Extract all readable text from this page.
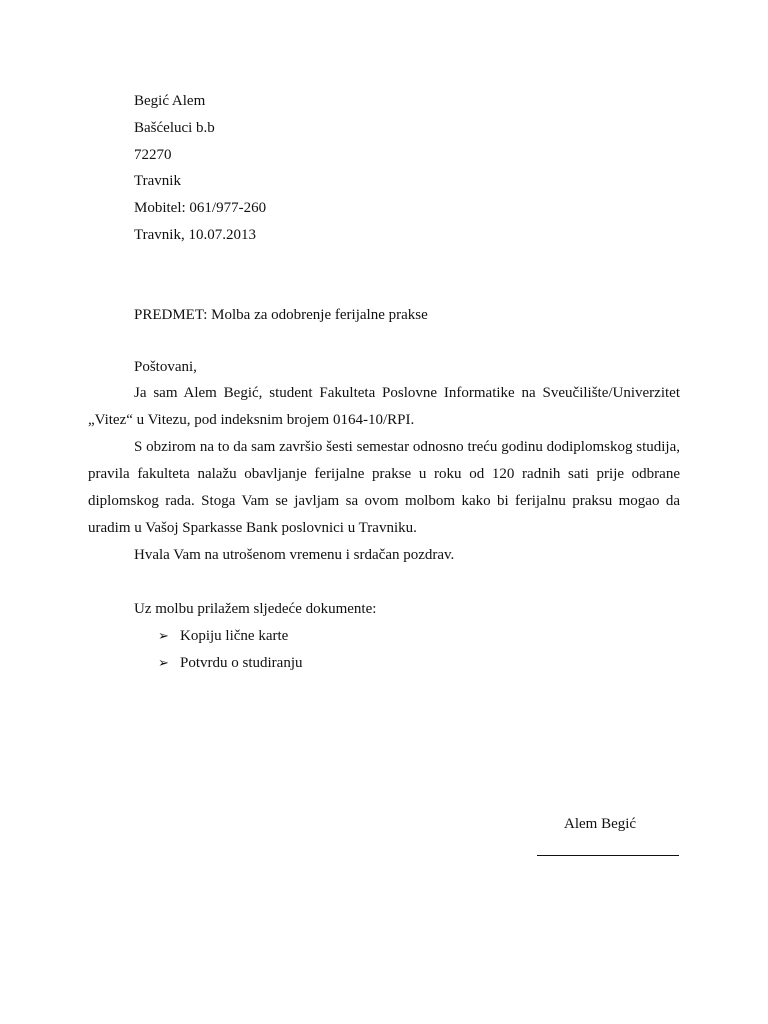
Begić Alem
Bašćeluci b.b
72270
Travnik
Mobitel: 061/977-260
Travnik, 10.07.2013
PREDMET: Molba za odobrenje ferijalne prakse
Poštovani,

Ja sam Alem Begić, student Fakulteta Poslovne Informatike na Sveučilište/Univerzitet „Vitez“ u Vitezu, pod indeksnim brojem 0164-10/RPI.

S obzirom na to da sam završio šesti semestar odnosno treću godinu dodiplomskog studija, pravila fakulteta nalažu obavljanje ferijalne prakse u roku od 120 radnih sati prije odbrane diplomskog rada. Stoga Vam se javljam sa ovom molbom kako bi ferijalnu praksu mogao da uradim u Vašoj Sparkasse Bank poslovnici u Travniku.

Hvala Vam na utrošenom vremenu i srdačan pozdrav.

Uz molbu prilažem sljedeće dokumente:
➢ Kopiju lične karte
➢ Potvrdu o studiranju
Alem Begić
